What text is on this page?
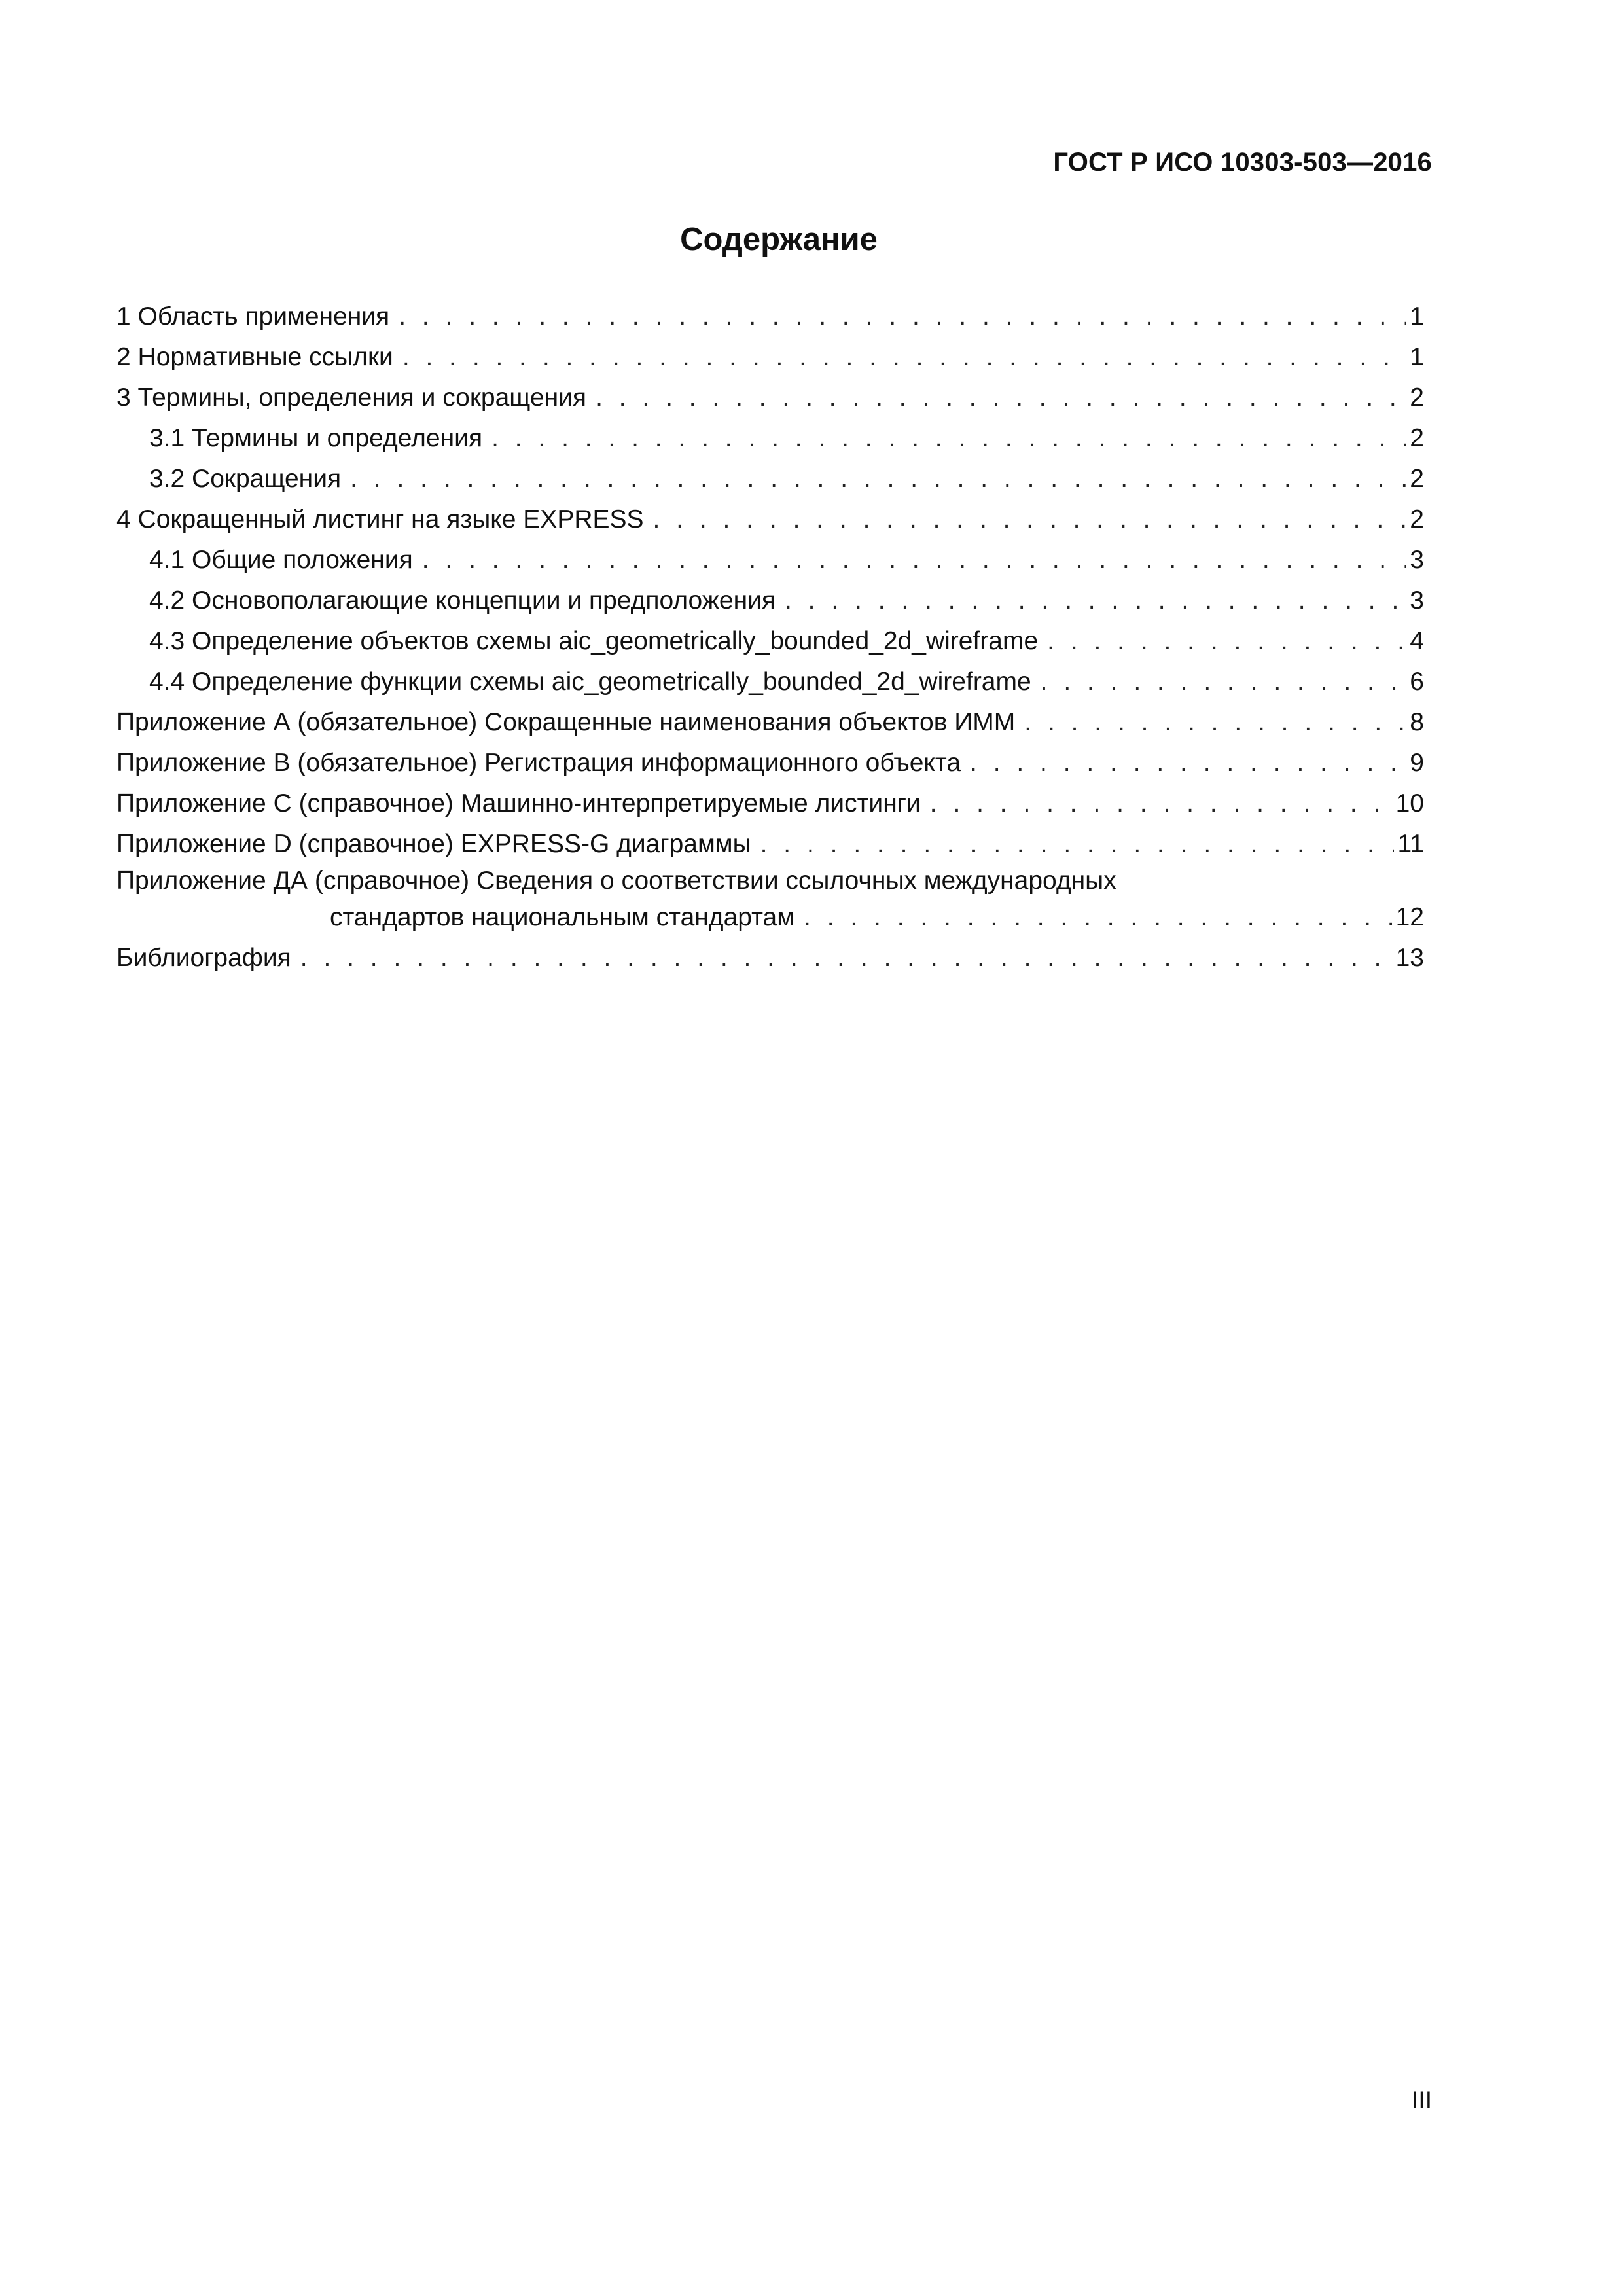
ГОСТ Р ИСО 10303-503—2016
Содержание
1 Область применения . . .	1
2 Нормативные ссылки . . .	1
3 Термины, определения и сокращения . . .	2
3.1 Термины и определения . . .	2
3.2 Сокращения . . .	2
4 Сокращенный листинг на языке EXPRESS . . .	2
4.1 Общие положения . . .	3
4.2 Основополагающие концепции и предположения . . .	3
4.3 Определение объектов схемы aic_geometrically_bounded_2d_wireframe . . .	4
4.4 Определение функции схемы aic_geometrically_bounded_2d_wireframe . . .	6
Приложение А (обязательное) Сокращенные наименования объектов ИММ . . .	8
Приложение В (обязательное) Регистрация информационного объекта . . .	9
Приложение С (справочное) Машинно-интерпретируемые листинги . . .	10
Приложение D (справочное) EXPRESS-G диаграммы . . .	11
Приложение ДА (справочное) Сведения о соответствии ссылочных международных
стандартов национальным стандартам . . .	12
Библиография . . .	13
III
